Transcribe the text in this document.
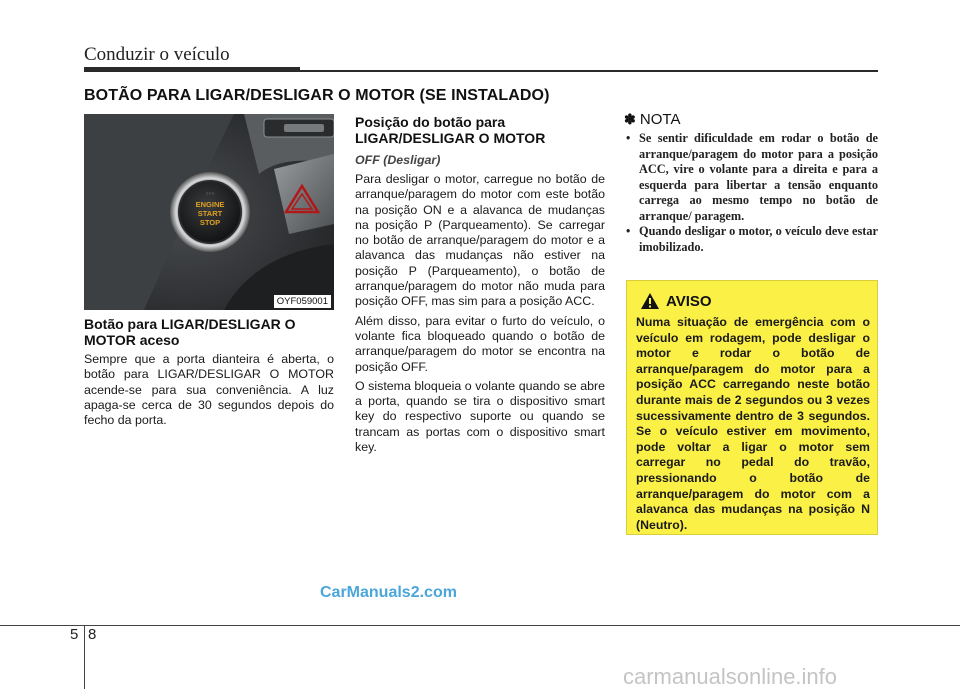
Conduzir o veículo
BOTÃO PARA LIGAR/DESLIGAR O MOTOR (SE INSTALADO)
○○○
ENGINE
START
STOP
OYF059001
Botão para LIGAR/DESLIGAR O MOTOR aceso
Sempre que a porta dianteira é aberta, o botão para LIGAR/DESLIGAR O MOTOR acende-se para sua conveniência. A luz apaga-se cerca de 30 segundos depois do fecho da porta.
Posição do botão para LIGAR/DESLIGAR O MOTOR
OFF (Desligar)

Para desligar o motor, carregue no botão de arranque/paragem do motor com este botão na posição ON e a alavanca de mudanças na posição P (Parqueamento). Se carregar no botão de arranque/paragem do motor e a alavanca das mudanças não estiver na posição P (Parqueamento), o botão de arranque/paragem do motor não muda para posição OFF, mas sim para a posição ACC.

Além disso, para evitar o furto do veículo, o volante fica bloqueado quando o botão de arranque/paragem do motor se encontra na posição OFF.

O sistema bloqueia o volante quando se abre a porta, quando se tira o dispositivo smart key do respectivo suporte ou quando se trancam as portas com o dispositivo smart key.

✽ NOTA
• Se sentir dificuldade em rodar o botão de arranque/paragem do motor para a posição ACC, vire o volante para a direita e para a esquerda para libertar a tensão enquanto carrega ao mesmo tempo no botão de arranque/ paragem.
• Quando desligar o motor, o veículo deve estar imobilizado.
AVISO
Numa situação de emergência com o veículo em rodagem, pode desligar o motor e rodar o botão de arranque/paragem do motor para a posição ACC carregando neste botão durante mais de 2 segundos ou 3 vezes sucessivamente dentro de 3 segundos. Se o veículo estiver em movimento, pode voltar a ligar o motor sem carregar no pedal do travão, pressionando o botão de arranque/paragem do motor com a alavanca das mudanças na posição N (Neutro).
CarManuals2.com
5 8
carmanualsonline.info
